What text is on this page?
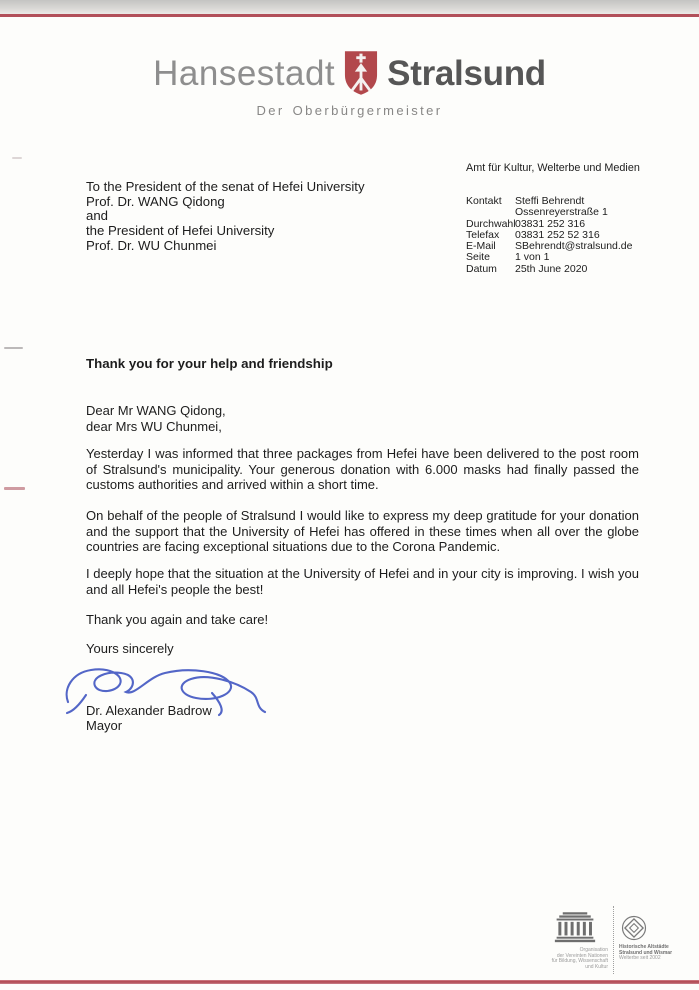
Hansestadt Stralsund
Der Oberbürgermeister
To the President of the senat of Hefei University
Prof. Dr. WANG Qidong
and
the President of Hefei University
Prof. Dr. WU Chunmei
Amt für Kultur, Welterbe und Medien
Kontakt	Steffi Behrendt
Ossenreyerstraße 1
Durchwahl 03831 252 316
Telefax	03831 252 52 316
E-Mail	SBehrendt@stralsund.de
Seite	1 von 1
Datum	25th June 2020
Thank you for your help and friendship
Dear Mr WANG Qidong,
dear Mrs WU Chunmei,

Yesterday I was informed that three packages from Hefei have been delivered to the post room of Stralsund's municipality. Your generous donation with 6.000 masks had finally passed the customs authorities and arrived within a short time.

On behalf of the people of Stralsund I would like to express my deep gratitude for your donation and the support that the University of Hefei has offered in these times when all over the globe countries are facing exceptional situations due to the Corona Pandemic.

I deeply hope that the situation at the University of Hefei and in your city is improving. I wish you and all Hefei's people the best!

Thank you again and take care!
Yours sincerely
Dr. Alexander Badrow
Mayor
Organisation
der Vereinten Nationen
für Bildung, Wissenschaft
und Kultur
Historische Altstädte
Stralsund und Wismar
Welterbe seit 2002
